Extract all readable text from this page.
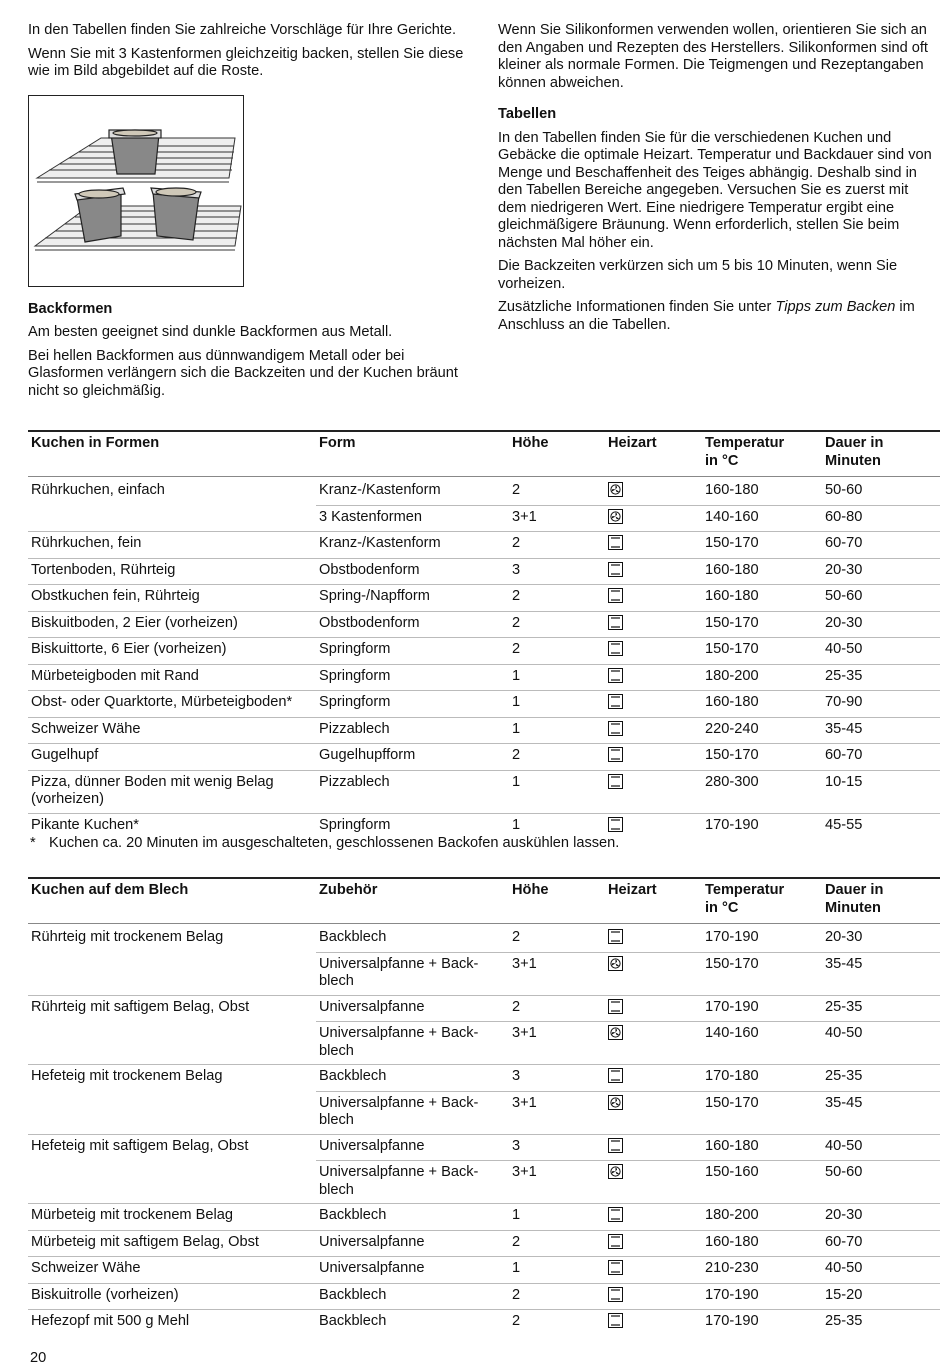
In den Tabellen finden Sie zahlreiche Vorschläge für Ihre Gerichte.

Wenn Sie mit 3 Kastenformen gleichzeitig backen, stellen Sie diese wie im Bild abgebildet auf die Roste.

Backformen

Am besten geeignet sind dunkle Backformen aus Metall.

Bei hellen Backformen aus dünnwandigem Metall oder bei Glasformen verlängern sich die Backzeiten und der Kuchen bräunt nicht so gleichmäßig.

Wenn Sie Silikonformen verwenden wollen, orientieren Sie sich an den Angaben und Rezepten des Herstellers. Silikonformen sind oft kleiner als normale Formen. Die Teigmengen und Rezeptangaben können abweichen.

Tabellen

In den Tabellen finden Sie für die verschiedenen Kuchen und Gebäcke die optimale Heizart. Temperatur und Backdauer sind von Menge und Beschaffenheit des Teiges abhängig. Deshalb sind in den Tabellen Bereiche angegeben. Versuchen Sie es zuerst mit dem niedrigeren Wert. Eine niedrigere Temperatur ergibt eine gleichmäßigere Bräunung. Wenn erforderlich, stellen Sie beim nächsten Mal höher ein.

Die Backzeiten verkürzen sich um 5 bis 10 Minuten, wenn Sie vorheizen.

Zusätzliche Informationen finden Sie unter Tipps zum Backen im Anschluss an die Tabellen.

Kuchen in Formen	Form	Höhe	Heizart	Temperatur in °C	Dauer in Minuten
Rührkuchen, einfach	Kranz-/Kastenform	2		160-180	50-60
	3 Kastenformen	3+1		140-160	60-80
Rührkuchen, fein	Kranz-/Kastenform	2		150-170	60-70
Tortenboden, Rührteig	Obstbodenform	3		160-180	20-30
Obstkuchen fein, Rührteig	Spring-/Napfform	2		160-180	50-60
Biskuitboden, 2 Eier (vorheizen)	Obstbodenform	2		150-170	20-30
Biskuittorte, 6 Eier (vorheizen)	Springform	2		150-170	40-50
Mürbeteigboden mit Rand	Springform	1		180-200	25-35
Obst- oder Quarktorte, Mürbeteigboden*	Springform	1		160-180	70-90
Schweizer Wähe	Pizzablech	1		220-240	35-45
Gugelhupf	Gugelhupfform	2		150-170	60-70
Pizza, dünner Boden mit wenig Belag (vorheizen)	Pizzablech	1		280-300	10-15
Pikante Kuchen*	Springform	1		170-190	45-55
* Kuchen ca. 20 Minuten im ausgeschalteten, geschlossenen Backofen auskühlen lassen.
Kuchen auf dem Blech	Zubehör	Höhe	Heizart	Temperatur in °C	Dauer in Minuten
Rührteig mit trockenem Belag	Backblech	2		170-190	20-30
	Universalpfanne + Back-blech	3+1		150-170	35-45
Rührteig mit saftigem Belag, Obst	Universalpfanne	2		170-190	25-35
	Universalpfanne + Back-blech	3+1		140-160	40-50
Hefeteig mit trockenem Belag	Backblech	3		170-180	25-35
	Universalpfanne + Back-blech	3+1		150-170	35-45
Hefeteig mit saftigem Belag, Obst	Universalpfanne	3		160-180	40-50
	Universalpfanne + Back-blech	3+1		150-160	50-60
Mürbeteig mit trockenem Belag	Backblech	1		180-200	20-30
Mürbeteig mit saftigem Belag, Obst	Universalpfanne	2		160-180	60-70
Schweizer Wähe	Universalpfanne	1		210-230	40-50
Biskuitrolle (vorheizen)	Backblech	2		170-190	15-20
Hefezopf mit 500 g Mehl	Backblech	2		170-190	25-35
20
